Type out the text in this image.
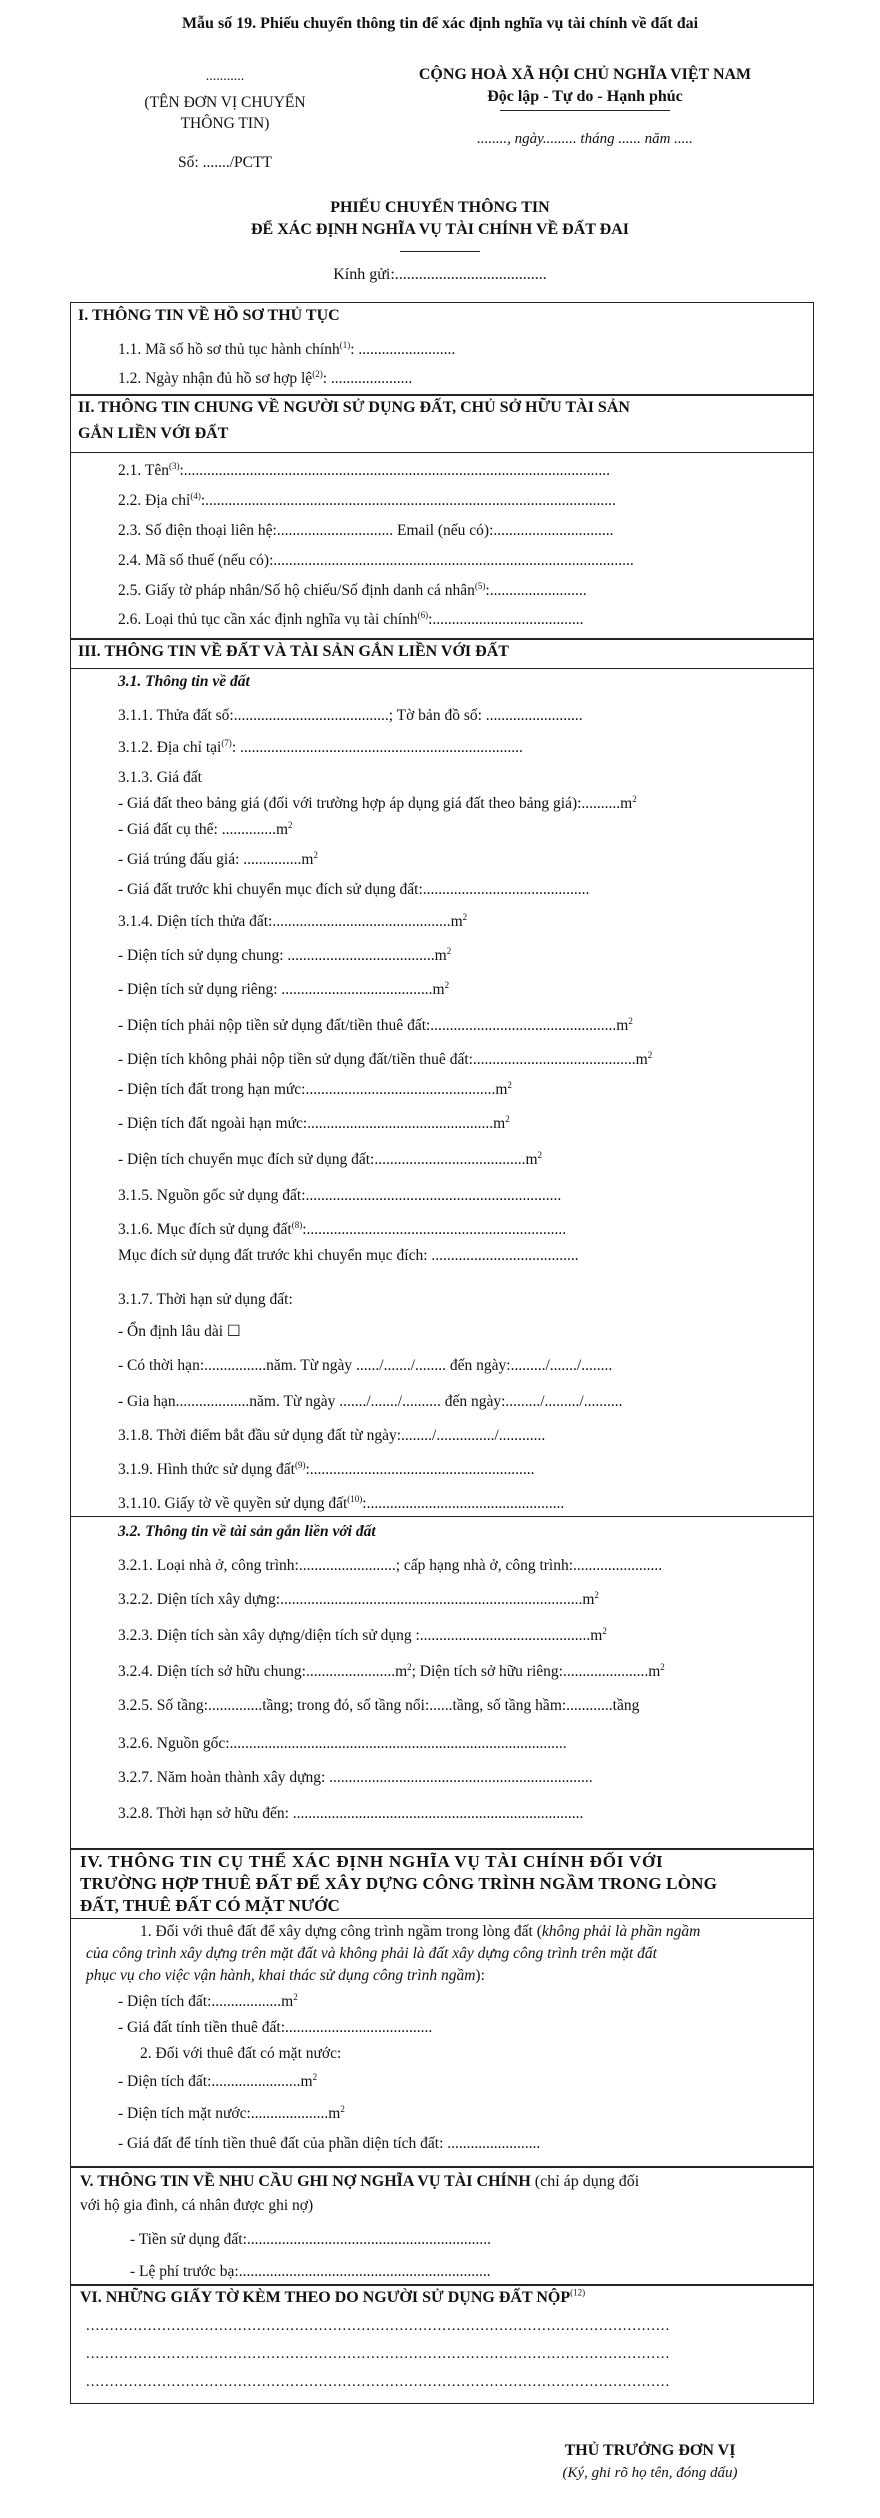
Mẫu số 19. Phiếu chuyển thông tin để xác định nghĩa vụ tài chính về đất đai
...........
(TÊN ĐƠN VỊ CHUYỂN THÔNG TIN)
Số: ......./PCTT
CỘNG HOÀ XÃ HỘI CHỦ NGHĨA VIỆT NAM
Độc lập - Tự do - Hạnh phúc
........, ngày......... tháng ...... năm .....
PHIẾU CHUYỂN THÔNG TIN
ĐỂ XÁC ĐỊNH NGHĨA VỤ TÀI CHÍNH VỀ ĐẤT ĐAI
Kính gửi:......................................
I. THÔNG TIN VỀ HỒ SƠ THỦ TỤC
1.1. Mã số hồ sơ thủ tục hành chính$^{(1)}$: .........................
1.2. Ngày nhận đủ hồ sơ hợp lệ$^{(2)}$: .....................
II. THÔNG TIN CHUNG VỀ NGƯỜI SỬ DỤNG ĐẤT, CHỦ SỞ HỮU TÀI SẢN
GẮN LIỀN VỚI ĐẤT
2.1. Tên$^{(3)}$:..............................................................................................................
2.2. Địa chỉ$^{(4)}$:..........................................................................................................
2.3. Số điện thoại liên hệ:.............................. Email (nếu có):...............................
2.4. Mã số thuế (nếu có):.............................................................................................
2.5. Giấy tờ pháp nhân/Số hộ chiếu/Số định danh cá nhân$^{(5)}$:.........................
2.6. Loại thủ tục cần xác định nghĩa vụ tài chính$^{(6)}$:.......................................
III. THÔNG TIN VỀ ĐẤT VÀ TÀI SẢN GẮN LIỀN VỚI ĐẤT
3.1. Thông tin về đất
3.1.1. Thửa đất số:........................................; Tờ bản đồ số: .........................
3.1.2. Địa chỉ tại$^{(7)}$: .........................................................................
3.1.3. Giá đất
- Giá đất theo bảng giá (đối với trường hợp áp dụng giá đất theo bảng $giá):..........m^2$
- Giá đất cụ thể: $..............m^2$
- Giá trúng đấu giá: $...............m^2$
- Giá đất trước khi chuyển mục đích sử dụng đất:...........................................
3.1.4. Diện tích thửa $đất:..............................................m^2$
- Diện tích sử dụng chung: $......................................m^2$
- Diện tích sử dụng riêng: $.......................................m^2$
- Diện tích phải nộp tiền sử dụng đất/tiền thuê $đất:................................................m^2$
- Diện tích không phải nộp tiền sử dụng đất/tiền thuê $đất:..........................................m^2$
- Diện tích đất trong hạn $mức:.................................................m^2$
- Diện tích đất ngoài hạn $mức:................................................m^2$
- Diện tích chuyển mục đích sử dụng $đất:.......................................m^2$
3.1.5. Nguồn gốc sử dụng đất:..................................................................
3.1.6. Mục đích sử dụng đất$^{(8)}$:...................................................................
Mục đích sử dụng đất trước khi chuyển mục đích: ......................................
3.1.7. Thời hạn sử dụng đất:
- Ổn định lâu dài ☐
- Có thời hạn:................năm. Từ ngày ....../......./........ đến ngày:........./......./........
- Gia hạn...................năm. Từ ngày ......./......./.......... đến ngày:........./........./..........
3.1.8. Thời điểm bắt đầu sử dụng đất từ ngày:......../.............../............
3.1.9. Hình thức sử dụng đất$^{(9)}$:..........................................................
3.1.10. Giấy tờ về quyền sử dụng đất$^{(10)}$:...................................................
3.2. Thông tin về tài sản gắn liền với đất
3.2.1. Loại nhà ở, công trình:.........................; cấp hạng nhà ở, công trình:.......................
3.2.2. Diện tích xây $dựng:..............................................................................m^2$
3.2.3. Diện tích sàn xây dựng/diện tích sử dụng $:............................................m^2$
3.2.4. Diện tích sở hữu $chung:.......................m^2$; Diện tích sở hữu $riêng:......................m^2$
3.2.5. Số tầng:..............tầng; trong đó, số tầng nổi:......tầng, số tầng hầm:............tầng
3.2.6. Nguồn gốc:.......................................................................................
3.2.7. Năm hoàn thành xây dựng: ....................................................................
3.2.8. Thời hạn sở hữu đến: ...........................................................................
IV. THÔNG TIN CỤ THỂ XÁC ĐỊNH NGHĨA VỤ TÀI CHÍNH ĐỐI VỚI
TRƯỜNG HỢP THUÊ ĐẤT ĐỂ XÂY DỰNG CÔNG TRÌNH NGẦM TRONG LÒNG
ĐẤT, THUÊ ĐẤT CÓ MẶT NƯỚC
1. Đối với thuê đất để xây dựng công trình ngầm trong lòng đất (không phải là phần ngầm
của công trình xây dựng trên mặt đất và không phải là đất xây dựng công trình trên mặt đất
phục vụ cho việc vận hành, khai thác sử dụng công trình ngầm):
- Diện tích $đất:..................m^2$
- Giá đất tính tiền thuê đất:......................................
2. Đối với thuê đất có mặt nước:
- Diện tích $đất:.......................m^2$
- Diện tích mặt $nước:....................m^2$
- Giá đất để tính tiền thuê đất của phần diện tích đất: ........................
V. THÔNG TIN VỀ NHU CẦU GHI NỢ NGHĨA VỤ TÀI CHÍNH (chỉ áp dụng đối
với hộ gia đình, cá nhân được ghi nợ)
- Tiền sử dụng đất:...............................................................
- Lệ phí trước bạ:.................................................................
VI. NHỮNG GIẤY TỜ KÈM THEO DO NGƯỜI SỬ DỤNG ĐẤT NỘP$^{(12)}$
...........................................................................................................................
...........................................................................................................................
...........................................................................................................................
THỦ TRƯỞNG ĐƠN VỊ
(Ký, ghi rõ họ tên, đóng dấu)
